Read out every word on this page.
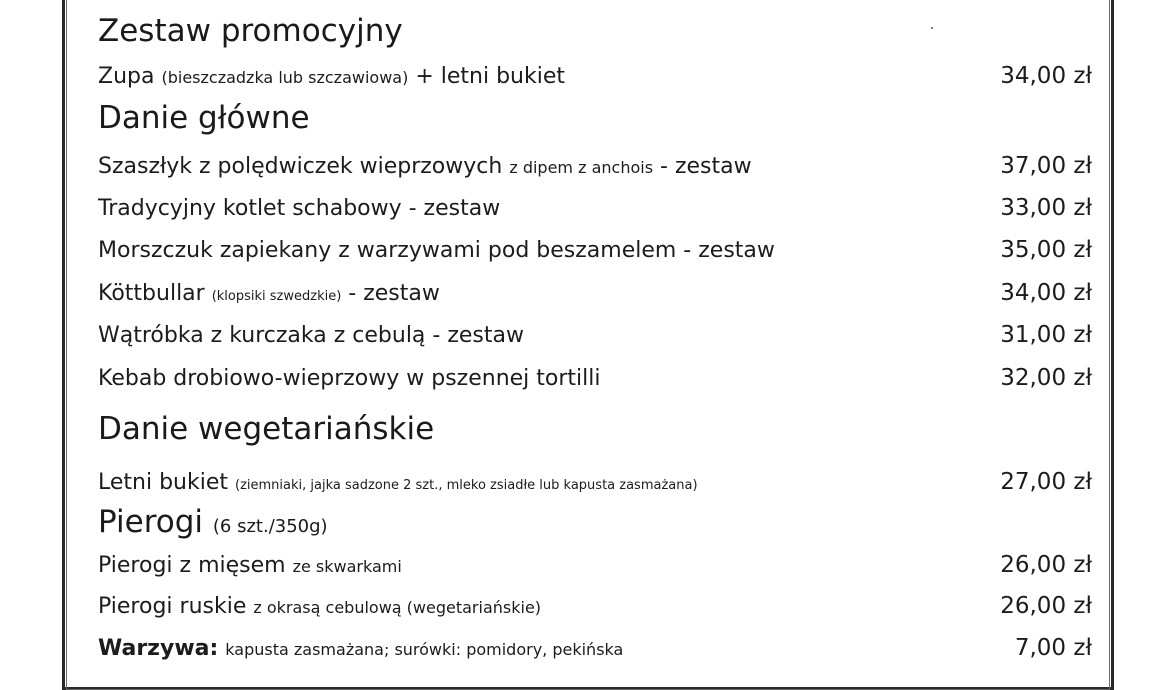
Zestaw promocyjny
Zupa (bieszczadzka lub szczawiowa) + letni bukiet	34,00 zł
Danie główne
Szaszłyk z polędwiczek wieprzowych z dipem z anchois - zestaw	37,00 zł
Tradycyjny kotlet schabowy - zestaw	33,00 zł
Morszczuk zapiekany z warzywami pod beszamelem - zestaw	35,00 zł
Köttbullar (klopsiki szwedzkie) - zestaw	34,00 zł
Wątróbka z kurczaka z cebulą - zestaw	31,00 zł
Kebab drobiowo-wieprzowy w pszennej tortilli	32,00 zł
Danie wegetariańskie
Letni bukiet (ziemniaki, jajka sadzone 2 szt., mleko zsiadłe lub kapusta zasmażana)	27,00 zł
Pierogi (6 szt./350g)
Pierogi z mięsem ze skwarkami	26,00 zł
Pierogi ruskie z okrasą cebulową (wegetariańskie)	26,00 zł
Warzywa: kapusta zasmażana; surówki: pomidory, pekińska	7,00 zł
